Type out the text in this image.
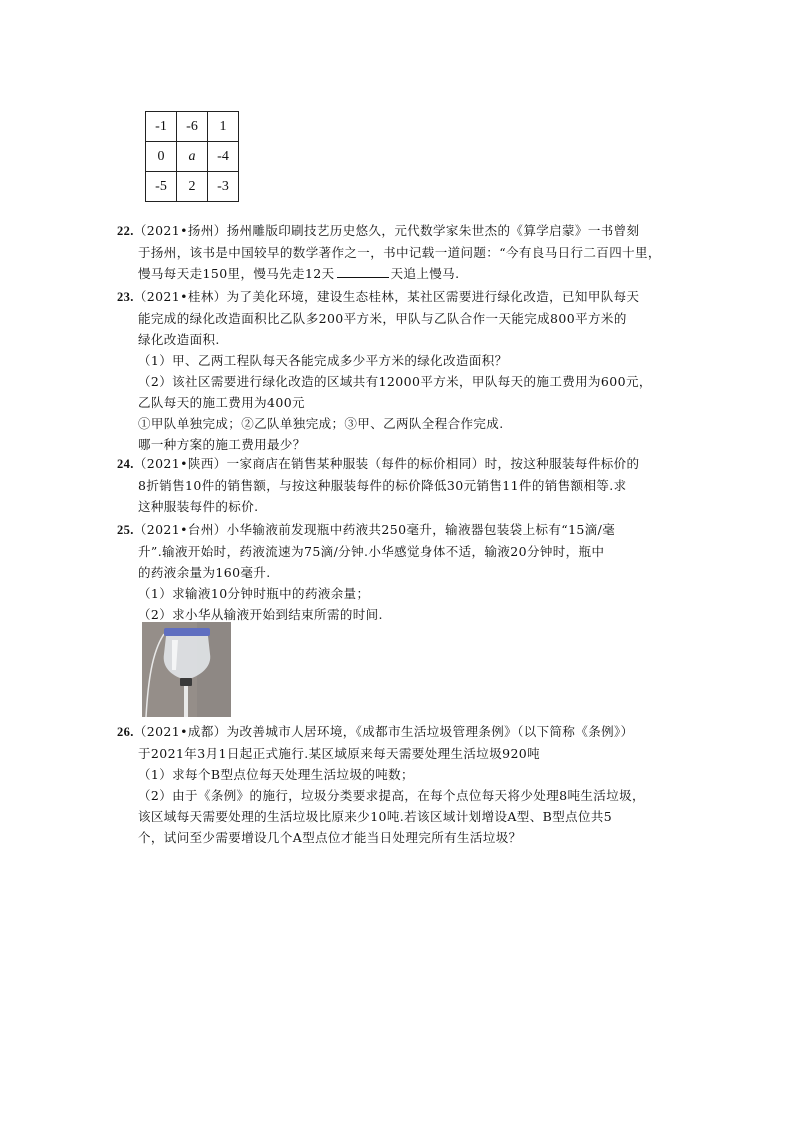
-1	-6	1
0	a	-4
-5	2	-3
22.（2021•扬州）扬州雕版印刷技艺历史悠久，元代数学家朱世杰的《算学启蒙》一书曾刻
于扬州，该书是中国较早的数学著作之一，书中记载一道问题：“今有良马日行二百四十里，
慢马每天走150里，慢马先走12天	天追上慢马.
23.（2021•桂林）为了美化环境，建设生态桂林，某社区需要进行绿化改造，已知甲队每天
能完成的绿化改造面积比乙队多200平方米，甲队与乙队合作一天能完成800平方米的
绿化改造面积.
（1）甲、乙两工程队每天各能完成多少平方米的绿化改造面积？
（2）该社区需要进行绿化改造的区域共有12000平方米，甲队每天的施工费用为600元，
乙队每天的施工费用为400元
①甲队单独完成；②乙队单独完成；③甲、乙两队全程合作完成.
哪一种方案的施工费用最少？
24.（2021•陕西）一家商店在销售某种服装（每件的标价相同）时，按这种服装每件标价的
8折销售10件的销售额，与按这种服装每件的标价降低30元销售11件的销售额相等.求
这种服装每件的标价.
25.（2021•台州）小华输液前发现瓶中药液共250毫升，输液器包装袋上标有“15滴/毫
升”.输液开始时，药液流速为75滴/分钟.小华感觉身体不适，输液20分钟时，瓶中
的药液余量为160毫升.
（1）求输液10分钟时瓶中的药液余量；
（2）求小华从输液开始到结束所需的时间.
26.（2021•成都）为改善城市人居环境，《成都市生活垃圾管理条例》（以下简称《条例》）
于2021年3月1日起正式施行.某区域原来每天需要处理生活垃圾920吨
（1）求每个B型点位每天处理生活垃圾的吨数；
（2）由于《条例》的施行，垃圾分类要求提高，在每个点位每天将少处理8吨生活垃圾，
该区域每天需要处理的生活垃圾比原来少10吨.若该区域计划增设A型、B型点位共5
个，试问至少需要增设几个A型点位才能当日处理完所有生活垃圾？
